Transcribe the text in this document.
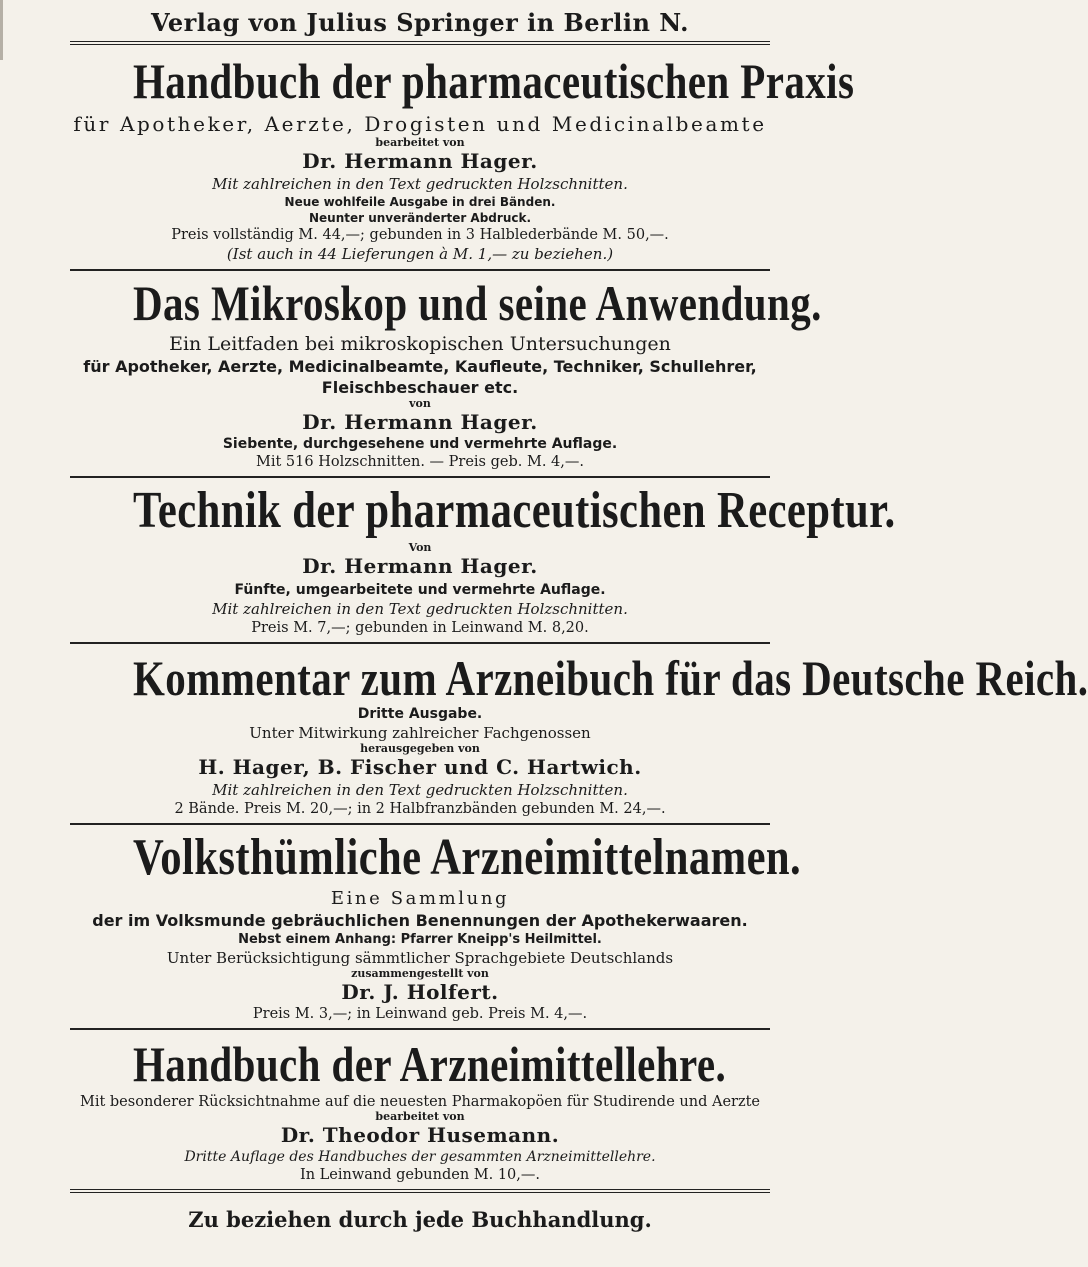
Verlag von Julius Springer in Berlin N.
Handbuch der pharmaceutischen Praxis
für Apotheker, Aerzte, Drogisten und Medicinalbeamte
bearbeitet von
Dr. Hermann Hager.
Mit zahlreichen in den Text gedruckten Holzschnitten.
Neue wohlfeile Ausgabe in drei Bänden.
Neunter unveränderter Abdruck.
Preis vollständig M. 44,—; gebunden in 3 Halblederbände M. 50,—.
(Ist auch in 44 Lieferungen à M. 1,— zu beziehen.)
Das Mikroskop und seine Anwendung.
Ein Leitfaden bei mikroskopischen Untersuchungen
für Apotheker, Aerzte, Medicinalbeamte, Kaufleute, Techniker, Schullehrer,
Fleischbeschauer etc.
von
Dr. Hermann Hager.
Siebente, durchgesehene und vermehrte Auflage.
Mit 516 Holzschnitten. — Preis geb. M. 4,—.
Technik der pharmaceutischen Receptur.
Von
Dr. Hermann Hager.
Fünfte, umgearbeitete und vermehrte Auflage.
Mit zahlreichen in den Text gedruckten Holzschnitten.
Preis M. 7,—; gebunden in Leinwand M. 8,20.
Kommentar zum Arzneibuch für das Deutsche Reich.
Dritte Ausgabe.
Unter Mitwirkung zahlreicher Fachgenossen
herausgegeben von
H. Hager, B. Fischer und C. Hartwich.
Mit zahlreichen in den Text gedruckten Holzschnitten.
2 Bände. Preis M. 20,—; in 2 Halbfranzbänden gebunden M. 24,—.
Volksthümliche Arzneimittelnamen.
Eine Sammlung
der im Volksmunde gebräuchlichen Benennungen der Apothekerwaaren.
Nebst einem Anhang: Pfarrer Kneipp's Heilmittel.
Unter Berücksichtigung sämmtlicher Sprachgebiete Deutschlands
zusammengestellt von
Dr. J. Holfert.
Preis M. 3,—; in Leinwand geb. Preis M. 4,—.
Handbuch der Arzneimittellehre.
Mit besonderer Rücksichtnahme auf die neuesten Pharmakopöen für Studirende und Aerzte
bearbeitet von
Dr. Theodor Husemann.
Dritte Auflage des Handbuches der gesammten Arzneimittellehre.
In Leinwand gebunden M. 10,—.
Zu beziehen durch jede Buchhandlung.
